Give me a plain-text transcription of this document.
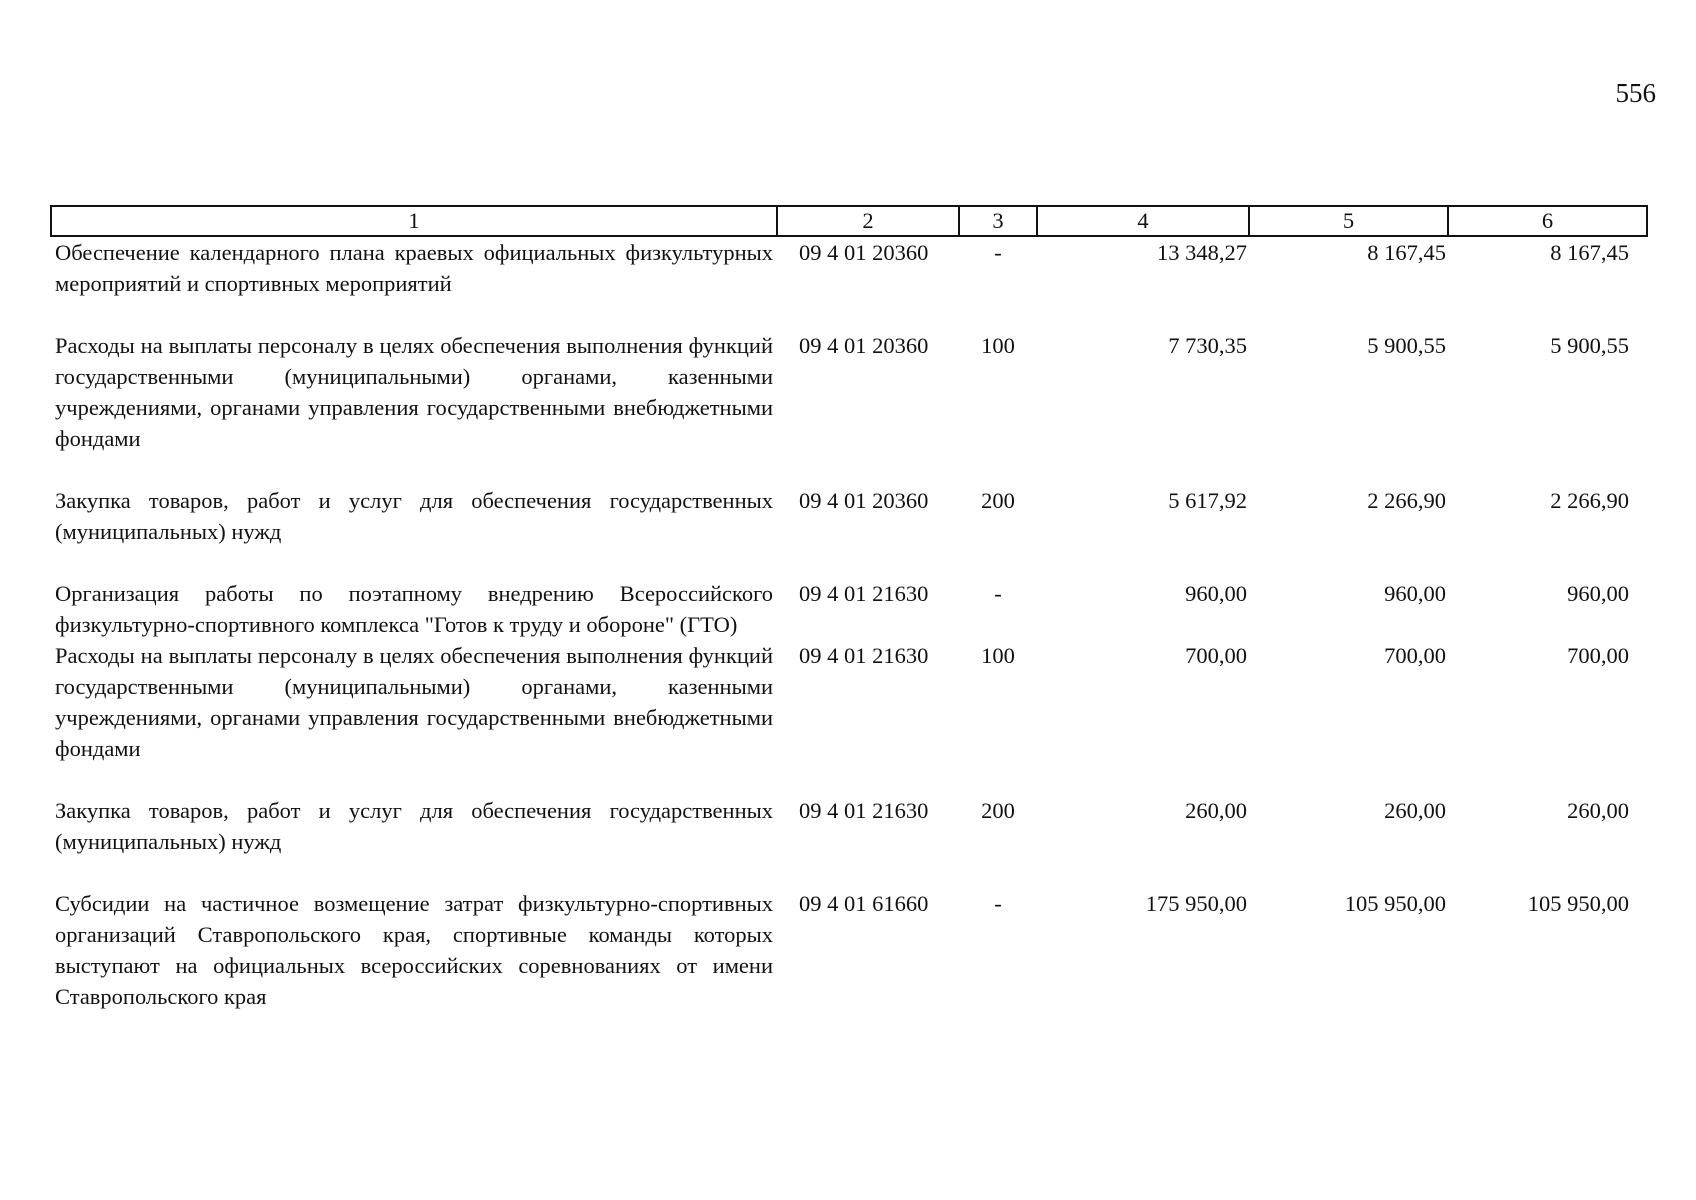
556
1	2	3	4	5	6
Обеспечение календарного плана краевых официальных физкультурных мероприятий и спортивных мероприятий	09 4 01 20360	-	13 348,27	8 167,45	8 167,45
Расходы на выплаты персоналу в целях обеспечения выполнения функций государственными (муниципальными) органами, казенными учреждениями, органами управления государственными внебюджетными фондами	09 4 01 20360	100	7 730,35	5 900,55	5 900,55
Закупка товаров, работ и услуг для обеспечения государственных (муниципальных) нужд	09 4 01 20360	200	5 617,92	2 266,90	2 266,90
Организация работы по поэтапному внедрению Всероссийского физкультурно-спортивного комплекса "Готов к труду и обороне" (ГТО)	09 4 01 21630	-	960,00	960,00	960,00
Расходы на выплаты персоналу в целях обеспечения выполнения функций государственными (муниципальными) органами, казенными учреждениями, органами управления государственными внебюджетными фондами	09 4 01 21630	100	700,00	700,00	700,00
Закупка товаров, работ и услуг для обеспечения государственных (муниципальных) нужд	09 4 01 21630	200	260,00	260,00	260,00
Субсидии на частичное возмещение затрат физкультурно-спортивных организаций Ставропольского края, спортивные команды которых выступают на официальных всероссийских соревнованиях от имени Ставропольского края	09 4 01 61660	-	175 950,00	105 950,00	105 950,00
